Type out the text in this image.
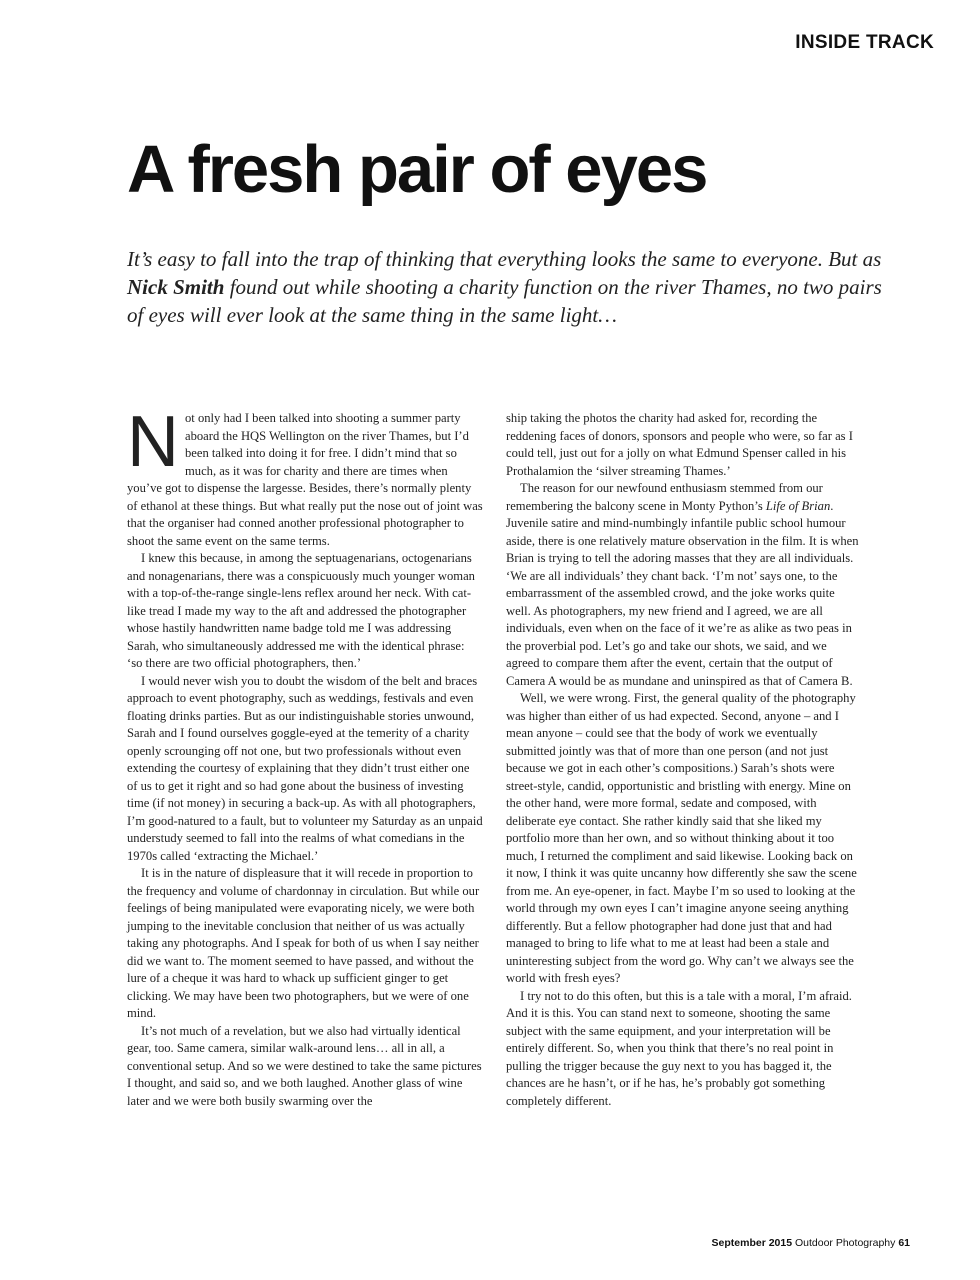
INSIDE TRACK
A fresh pair of eyes

It’s easy to fall into the trap of thinking that everything looks the same to everyone. But as Nick Smith found out while shooting a charity function on the river Thames, no two pairs of eyes will ever look at the same thing in the same light…

Not only had I been talked into shooting a summer party aboard the HQS Wellington on the river Thames, but I’d been talked into doing it for free. I didn’t mind that so much, as it was for charity and there are times when you’ve got to dispense the largesse. Besides, there’s normally plenty of ethanol at these things. But what really put the nose out of joint was that the organiser had conned another professional photographer to shoot the same event on the same terms.

I knew this because, in among the septuagenarians, octogenarians and nonagenarians, there was a conspicuously much younger woman with a top-of-the-range single-lens reflex around her neck. With cat-like tread I made my way to the aft and addressed the photographer whose hastily handwritten name badge told me I was addressing Sarah, who simultaneously addressed me with the identical phrase: ‘so there are two official photographers, then.’

I would never wish you to doubt the wisdom of the belt and braces approach to event photography, such as weddings, festivals and even floating drinks parties. But as our indistinguishable stories unwound, Sarah and I found ourselves goggle-eyed at the temerity of a charity openly scrounging off not one, but two professionals without even extending the courtesy of explaining that they didn’t trust either one of us to get it right and so had gone about the business of investing time (if not money) in securing a back-up. As with all photographers, I’m good-natured to a fault, but to volunteer my Saturday as an unpaid understudy seemed to fall into the realms of what comedians in the 1970s called ‘extracting the Michael.’

It is in the nature of displeasure that it will recede in proportion to the frequency and volume of chardonnay in circulation. But while our feelings of being manipulated were evaporating nicely, we were both jumping to the inevitable conclusion that neither of us was actually taking any photographs. And I speak for both of us when I say neither did we want to. The moment seemed to have passed, and without the lure of a cheque it was hard to whack up sufficient ginger to get clicking. We may have been two photographers, but we were of one mind.

It’s not much of a revelation, but we also had virtually identical gear, too. Same camera, similar walk-around lens… all in all, a conventional setup. And so we were destined to take the same pictures I thought, and said so, and we both laughed. Another glass of wine later and we were both busily swarming over the

ship taking the photos the charity had asked for, recording the reddening faces of donors, sponsors and people who were, so far as I could tell, just out for a jolly on what Edmund Spenser called in his Prothalamion the ‘silver streaming Thames.’

The reason for our newfound enthusiasm stemmed from our remembering the balcony scene in Monty Python’s Life of Brian. Juvenile satire and mind-numbingly infantile public school humour aside, there is one relatively mature observation in the film. It is when Brian is trying to tell the adoring masses that they are all individuals. ‘We are all individuals’ they chant back. ‘I’m not’ says one, to the embarrassment of the assembled crowd, and the joke works quite well. As photographers, my new friend and I agreed, we are all individuals, even when on the face of it we’re as alike as two peas in the proverbial pod. Let’s go and take our shots, we said, and we agreed to compare them after the event, certain that the output of Camera A would be as mundane and uninspired as that of Camera B.

Well, we were wrong. First, the general quality of the photography was higher than either of us had expected. Second, anyone – and I mean anyone – could see that the body of work we eventually submitted jointly was that of more than one person (and not just because we got in each other’s compositions.) Sarah’s shots were street-style, candid, opportunistic and bristling with energy. Mine on the other hand, were more formal, sedate and composed, with deliberate eye contact. She rather kindly said that she liked my portfolio more than her own, and so without thinking about it too much, I returned the compliment and said likewise. Looking back on it now, I think it was quite uncanny how differently she saw the scene from me. An eye-opener, in fact. Maybe I’m so used to looking at the world through my own eyes I can’t imagine anyone seeing anything differently. But a fellow photographer had done just that and had managed to bring to life what to me at least had been a stale and uninteresting subject from the word go. Why can’t we always see the world with fresh eyes?

I try not to do this often, but this is a tale with a moral, I’m afraid. And it is this. You can stand next to someone, shooting the same subject with the same equipment, and your interpretation will be entirely different. So, when you think that there’s no real point in pulling the trigger because the guy next to you has bagged it, the chances are he hasn’t, or if he has, he’s probably got something completely different.

September 2015 Outdoor Photography 61
